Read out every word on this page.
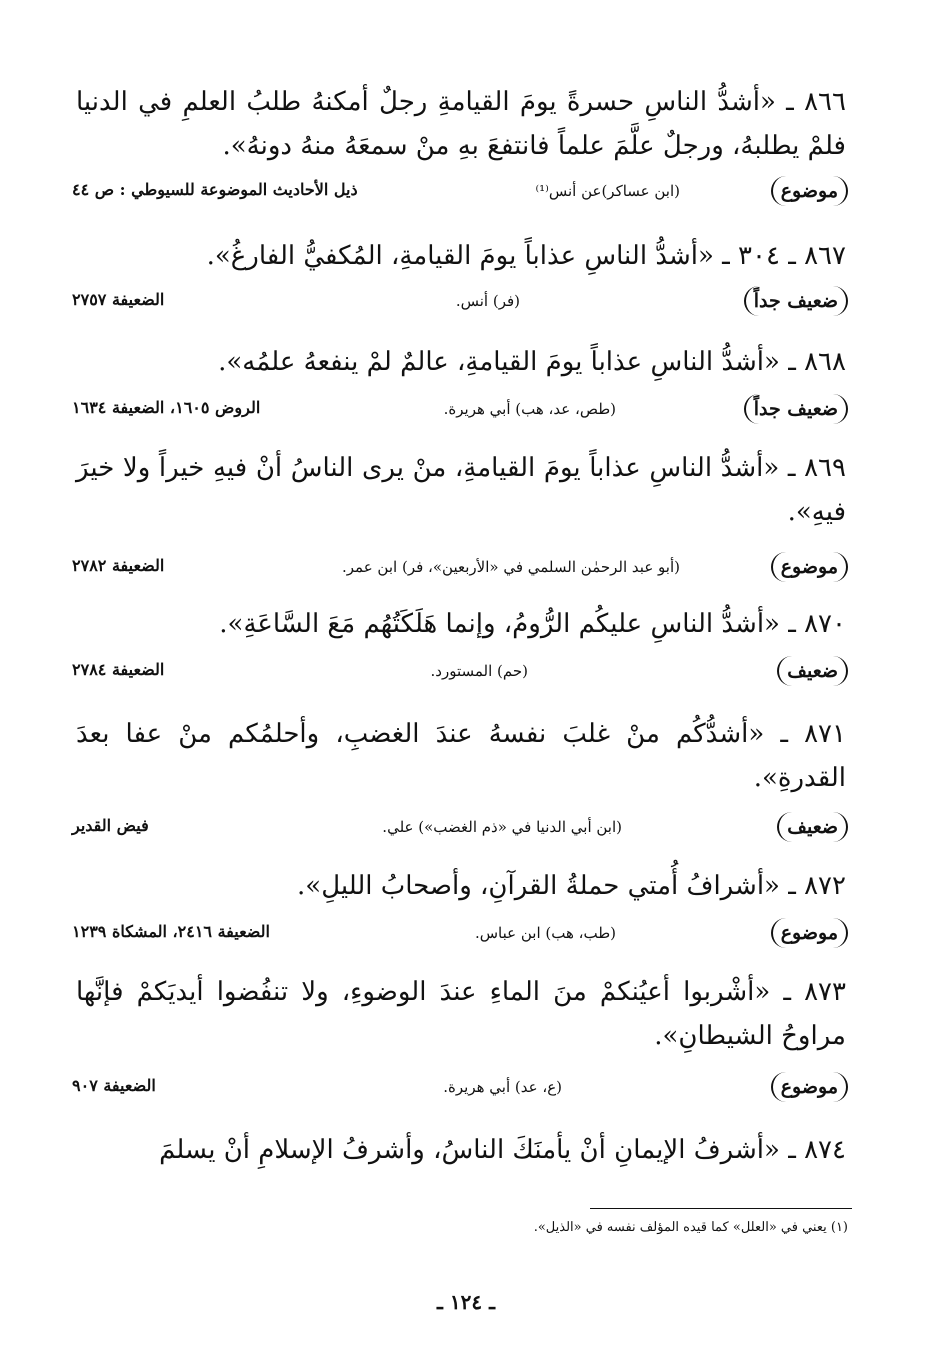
٨٦٦ ـ «أشدُّ الناسِ حسرةً يومَ القيامةِ رجلٌ أمكنهُ طلبُ العلمِ في الدنيا فلمْ يطلبهُ، ورجلٌ علَّمَ علماً فانتفعَ بهِ منْ سمعَهُ منهُ دونهُ».
موضوع
(ابن عساكر)عن أنس⁽¹⁾
ذيل الأحاديث الموضوعة للسيوطي : ص ٤٤
٨٦٧ ـ ٣٠٤ ـ «أشدُّ الناسِ عذاباً يومَ القيامةِ، المُكفيُّ الفارغُ».
ضعيف جداً
(فر) أنس.
الضعيفة ٢٧٥٧
٨٦٨ ـ «أشدُّ الناسِ عذاباً يومَ القيامةِ، عالمٌ لمْ ينفعهُ علمُه».
ضعيف جداً
(طص، عد، هب) أبي هريرة.
الروض ١٦٠٥، الضعيفة ١٦٣٤
٨٦٩ ـ «أشدُّ الناسِ عذاباً يومَ القيامةِ، منْ يرى الناسُ أنْ فيهِ خيراً ولا خيرَ فيهِ».
موضوع
(أبو عبد الرحمٰن السلمي في «الأربعين»، فر) ابن عمر.
الضعيفة ٢٧٨٢
٨٧٠ ـ «أشدُّ الناسِ عليكُم الرُّومُ، وإنما هَلَكَتُهُم مَعَ السَّاعَةِ».
ضعيف
(حم) المستورد.
الضعيفة ٢٧٨٤
٨٧١ ـ «أشدُّكُم منْ غلبَ نفسهُ عندَ الغضبِ، وأحلمُكم منْ عفا بعدَ القدرةِ».
ضعيف
(ابن أبي الدنيا في «ذم الغضب») علي.
فيض القدير
٨٧٢ ـ «أشرافُ أُمتي حملةُ القرآنِ، وأصحابُ الليلِ».
موضوع
(طب، هب) ابن عباس.
الضعيفة ٢٤١٦، المشكاة ١٢٣٩
٨٧٣ ـ «أشْربوا أعيُنكمْ منَ الماءِ عندَ الوضوءِ، ولا تنفُضوا أيديَكمْ فإنَّها مراوحُ الشيطانِ».
موضوع
(ع، عد) أبي هريرة.
الضعيفة ٩٠٧
٨٧٤ ـ «أشرفُ الإيمانِ أنْ يأمنَكَ الناسُ، وأشرفُ الإسلامِ أنْ يسلمَ
(١) يعني في «العلل» كما قيده المؤلف نفسه في «الذيل».
ـ ١٢٤ ـ
